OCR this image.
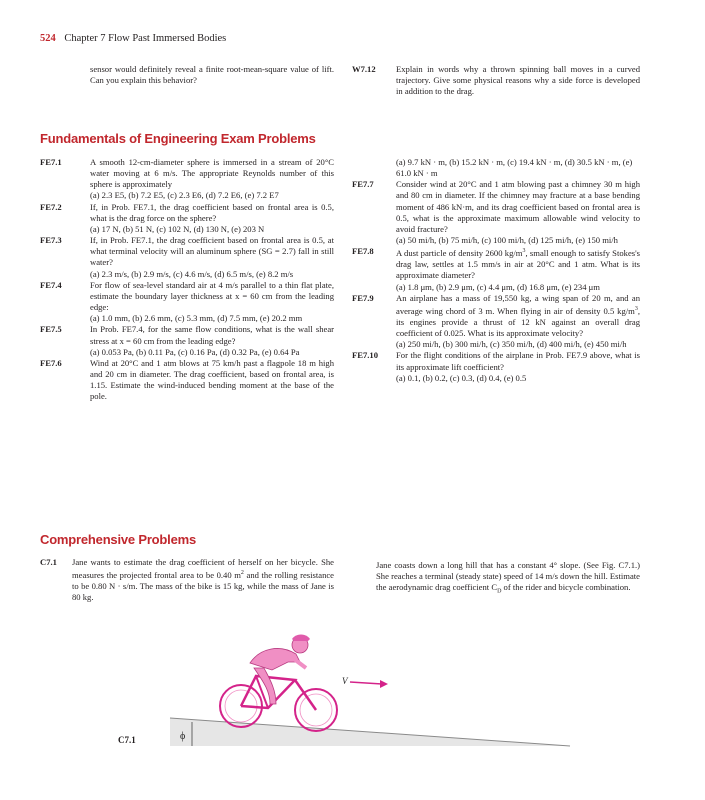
524 Chapter 7 Flow Past Immersed Bodies

sensor would definitely reveal a finite root-mean-square value of lift. Can you explain this behavior?

W7.12 Explain in words why a thrown spinning ball moves in a curved trajectory. Give some physical reasons why a side force is developed in addition to the drag.

Fundamentals of Engineering Exam Problems
FE7.1	A smooth 12-cm-diameter sphere is immersed in a stream of 20°C water moving at 6 m/s. The appropriate Reynolds number of this sphere is approximately

(a) 2.3 E5, (b) 7.2 E5, (c) 2.3 E6, (d) 7.2 E6, (e) 7.2 E7

FE7.2	If, in Prob. FE7.1, the drag coefficient based on frontal area is 0.5, what is the drag force on the sphere?

(a) 17 N, (b) 51 N, (c) 102 N, (d) 130 N, (e) 203 N

FE7.3	If, in Prob. FE7.1, the drag coefficient based on frontal area is 0.5, at what terminal velocity will an aluminum sphere (SG = 2.7) fall in still water?

(a) 2.3 m/s, (b) 2.9 m/s, (c) 4.6 m/s, (d) 6.5 m/s, (e) 8.2 m/s

FE7.4	For flow of sea-level standard air at 4 m/s parallel to a thin flat plate, estimate the boundary layer thickness at x = 60 cm from the leading edge:

(a) 1.0 mm, (b) 2.6 mm, (c) 5.3 mm, (d) 7.5 mm, (e) 20.2 mm

FE7.5	In Prob. FE7.4, for the same flow conditions, what is the wall shear stress at x = 60 cm from the leading edge?

(a) 0.053 Pa, (b) 0.11 Pa, (c) 0.16 Pa, (d) 0.32 Pa, (e) 0.64 Pa

FE7.6	Wind at 20°C and 1 atm blows at 75 km/h past a flagpole 18 m high and 20 cm in diameter. The drag coefficient, based on frontal area, is 1.15. Estimate the wind-induced bending moment at the base of the pole.

(a) 9.7 kN · m, (b) 15.2 kN · m, (c) 19.4 kN · m, (d) 30.5 kN · m, (e) 61.0 kN · m

FE7.7	Consider wind at 20°C and 1 atm blowing past a chimney 30 m high and 80 cm in diameter. If the chimney may fracture at a base bending moment of 486 kN·m, and its drag coefficient based on frontal area is 0.5, what is the approximate maximum allowable wind velocity to avoid fracture?

(a) 50 mi/h, (b) 75 mi/h, (c) 100 mi/h, (d) 125 mi/h, (e) 150 mi/h

FE7.8	A dust particle of density 2600 $kg/m^3$, small enough to satisfy Stokes's drag law, settles at 1.5 mm/s in air at 20°C and 1 atm. What is its approximate diameter?

(a) 1.8 μm, (b) 2.9 μm, (c) 4.4 μm, (d) 16.8 μm, (e) 234 μm

FE7.9	An airplane has a mass of 19,550 kg, a wing span of 20 m, and an average wing chord of 3 m. When flying in air of density 0.5 $kg/m^3$, its engines provide a thrust of 12 kN against an overall drag coefficient of 0.025. What is its approximate velocity?

(a) 250 mi/h, (b) 300 mi/h, (c) 350 mi/h, (d) 400 mi/h, (e) 450 mi/h

FE7.10 For the flight conditions of the airplane in Prob. FE7.9 above, what is its approximate lift coefficient?

(a) 0.1, (b) 0.2, (c) 0.3, (d) 0.4, (e) 0.5

Comprehensive Problems
C7.1 Jane wants to estimate the drag coefficient of herself on her bicycle. She measures the projected frontal area to be 0.40 $m^2$ and the rolling resistance to be 0.80 N · s/m. The mass of the bike is 15 kg, while the mass of Jane is 80 kg.

Jane coasts down a long hill that has a constant 4° slope. (See Fig. C7.1.) She reaches a terminal (steady state) speed of 14 m/s down the hill. Estimate the aerodynamic drag coefficient $C_D$ of the rider and bicycle combination.

ϕ
V
C7.1
